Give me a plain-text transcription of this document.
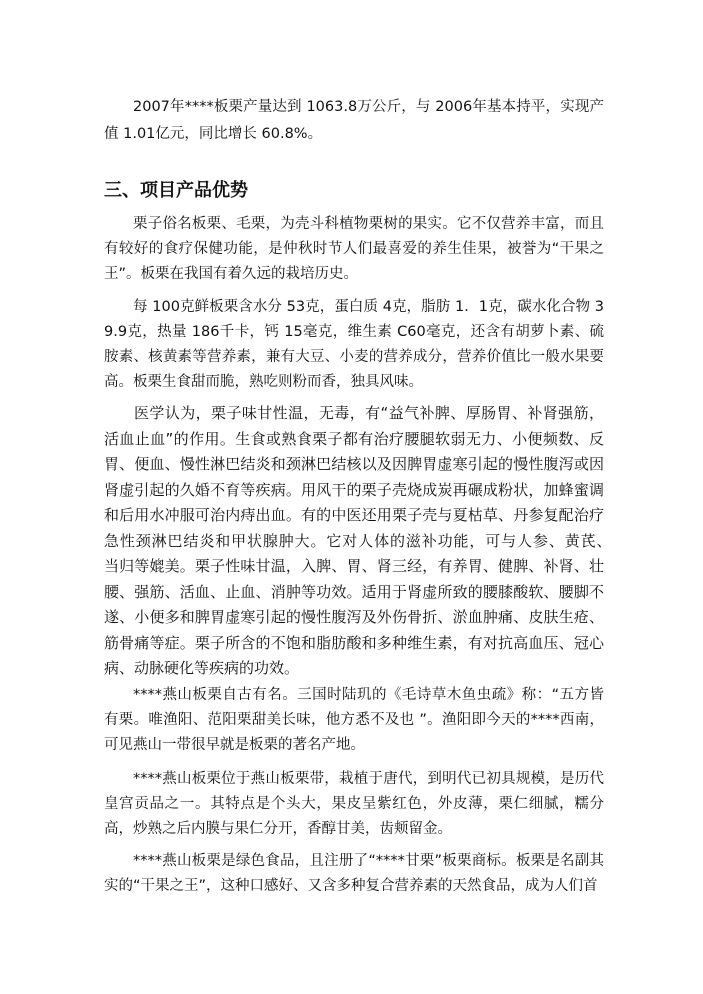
2007年****板栗产量达到 1063.8万公斤，与 2006年基本持平，实现产值 1.01亿元，同比增长 60.8%。

三、项目产品优势

栗子俗名板栗、毛栗，为壳斗科植物栗树的果实。它不仅营养丰富，而且有较好的食疗保健功能，是仲秋时节人们最喜爱的养生佳果，被誉为“干果之王”。板栗在我国有着久远的栽培历史。

每 100克鲜板栗含水分 53克，蛋白质 4克，脂肪 1．1克，碳水化合物 39.9克，热量 186千卡，钙 15毫克，维生素 C60毫克，还含有胡萝卜素、硫胺素、核黄素等营养素，兼有大豆、小麦的营养成分，营养价值比一般水果要高。板栗生食甜而脆，熟吃则粉而香，独具风味。

医学认为，栗子味甘性温，无毒，有“益气补脾、厚肠胃、补肾强筋，活血止血”的作用。生食或熟食栗子都有治疗腰腿软弱无力、小便频数、反胃、便血、慢性淋巴结炎和颈淋巴结核以及因脾胃虚寒引起的慢性腹泻或因肾虚引起的久婚不育等疾病。用风干的栗子壳烧成炭再碾成粉状，加蜂蜜调和后用水冲服可治内痔出血。有的中医还用栗子壳与夏枯草、丹参复配治疗急性颈淋巴结炎和甲状腺肿大。它对人体的滋补功能，可与人参、黄芪、　当归等媲美。栗子性味甘温，入脾、胃、肾三经，有养胃、健脾、补肾、壮腰、强筋、活血、止血、消肿等功效。适用于肾虚所致的腰膝酸软、腰脚不遂、小便多和脾胃虚寒引起的慢性腹泻及外伤骨折、淤血肿痛、皮肤生疮、筋骨痛等症。栗子所含的不饱和脂肪酸和多种维生素，有对抗高血压、冠心病、动脉硬化等疾病的功效。

****燕山板栗自古有名。三国时陆玑的《毛诗草木鱼虫疏》称：“五方皆有栗。唯渔阳、范阳栗甜美长味，他方悉不及也 ”。渔阳即今天的****西南，可见燕山一带很早就是板栗的著名产地。

****燕山板栗位于燕山板栗带，栽植于唐代，到明代已初具规模，是历代皇宫贡品之一。其特点是个头大，果皮呈紫红色，外皮薄，栗仁细腻，糯分高，炒熟之后内膜与果仁分开，香醇甘美，齿颊留金。

****燕山板栗是绿色食品，且注册了“****甘栗”板栗商标。板栗是名副其实的“干果之王”，这种口感好、又含多种复合营养素的天然食品，成为人们首
